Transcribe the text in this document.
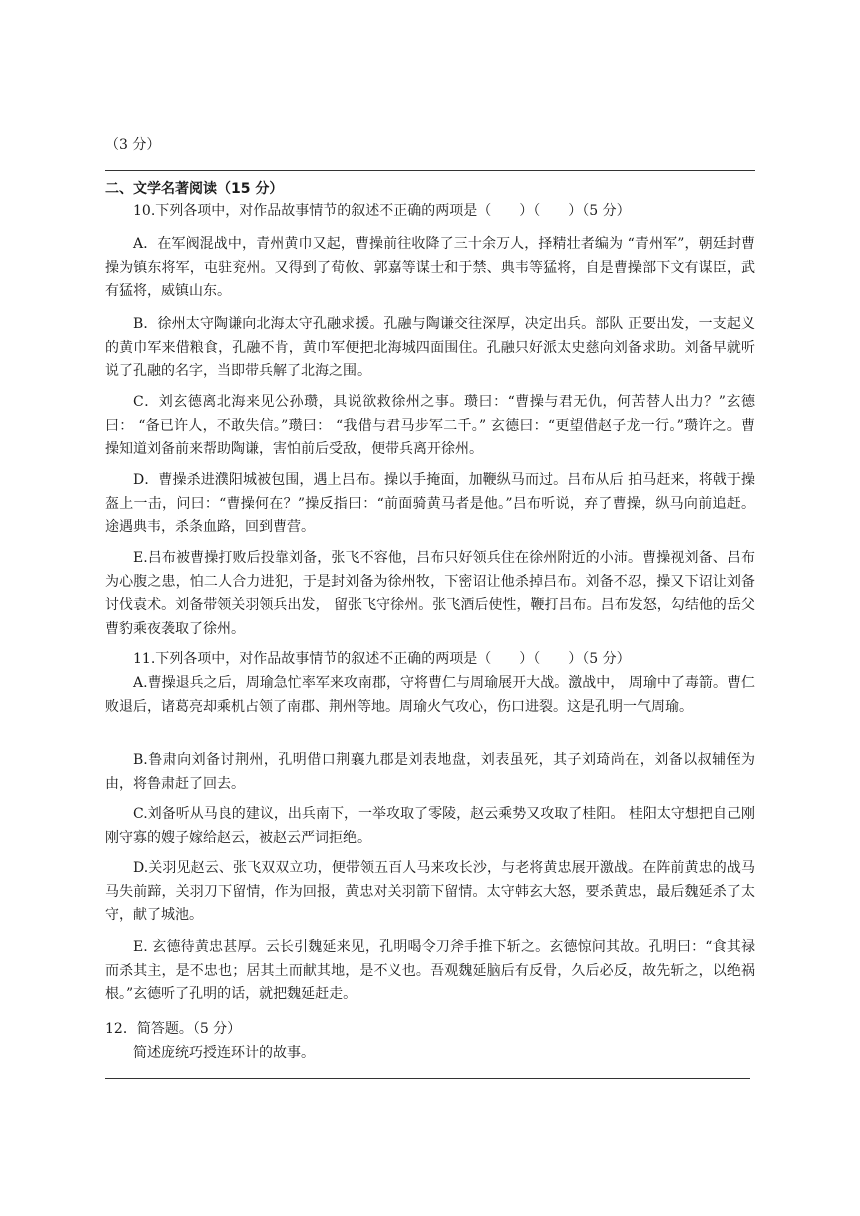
（3 分）
二、文学名著阅读（15 分）
10.下列各项中，对作品故事情节的叙述不正确的两项是（　　）（　　）（5 分）
A．在军阀混战中，青州黄巾又起，曹操前往收降了三十余万人，择精壮者编为 “青州军”，朝廷封曹操为镇东将军，屯驻兖州。又得到了荀攸、郭嘉等谋士和于禁、典韦等猛将，自是曹操部下文有谋臣，武有猛将，威镇山东。
B．徐州太守陶谦向北海太守孔融求援。孔融与陶谦交往深厚，决定出兵。部队 正要出发，一支起义的黄巾军来借粮食，孔融不肯，黄巾军便把北海城四面围住。孔融只好派太史慈向刘备求助。刘备早就听说了孔融的名字，当即带兵解了北海之围。
C．刘玄德离北海来见公孙瓒，具说欲救徐州之事。瓒曰：“曹操与君无仇，何苦替人出力？”玄德曰： “备已许人，不敢失信。”瓒曰： “我借与君马步军二千。” 玄德曰：“更望借赵子龙一行。”瓒许之。曹操知道刘备前来帮助陶谦，害怕前后受敌，便带兵离开徐州。
D．曹操杀进濮阳城被包围，遇上吕布。操以手掩面，加鞭纵马而过。吕布从后 拍马赶来，将戟于操盔上一击，问曰：“曹操何在？”操反指曰：“前面骑黄马者是他。”吕布听说，弃了曹操，纵马向前追赶。途遇典韦，杀条血路，回到曹营。
E.吕布被曹操打败后投靠刘备，张飞不容他，吕布只好领兵住在徐州附近的小沛。曹操视刘备、吕布为心腹之患，怕二人合力进犯，于是封刘备为徐州牧，下密诏让他杀掉吕布。刘备不忍，操又下诏让刘备讨伐袁术。刘备带领关羽领兵出发， 留张飞守徐州。张飞酒后使性，鞭打吕布。吕布发怒，勾结他的岳父曹豹乘夜袭取了徐州。
11.下列各项中，对作品故事情节的叙述不正确的两项是（　　）（　　）（5 分）
A.曹操退兵之后，周瑜急忙率军来攻南郡，守将曹仁与周瑜展开大战。激战中， 周瑜中了毒箭。曹仁败退后，诸葛亮却乘机占领了南郡、荆州等地。周瑜火气攻心，伤口进裂。这是孔明一气周瑜。
B.鲁肃向刘备讨荆州，孔明借口荆襄九郡是刘表地盘，刘表虽死，其子刘琦尚在，刘备以叔辅侄为由，将鲁肃赶了回去。
C.刘备听从马良的建议，出兵南下，一举攻取了零陵，赵云乘势又攻取了桂阳。 桂阳太守想把自己刚刚守寡的嫂子嫁给赵云，被赵云严词拒绝。
D.关羽见赵云、张飞双双立功，便带领五百人马来攻长沙，与老将黄忠展开激战。在阵前黄忠的战马马失前蹄，关羽刀下留情，作为回报，黄忠对关羽箭下留情。太守韩玄大怒，要杀黄忠，最后魏延杀了太守，献了城池。
E. 玄德待黄忠甚厚。云长引魏延来见，孔明喝令刀斧手推下斩之。玄德惊问其故。孔明曰：“食其禄而杀其主，是不忠也；居其土而献其地，是不义也。吾观魏延脑后有反骨，久后必反，故先斩之，以绝祸根。”玄德听了孔明的话，就把魏延赶走。
12．简答题。（5 分）
简述庞统巧授连环计的故事。
